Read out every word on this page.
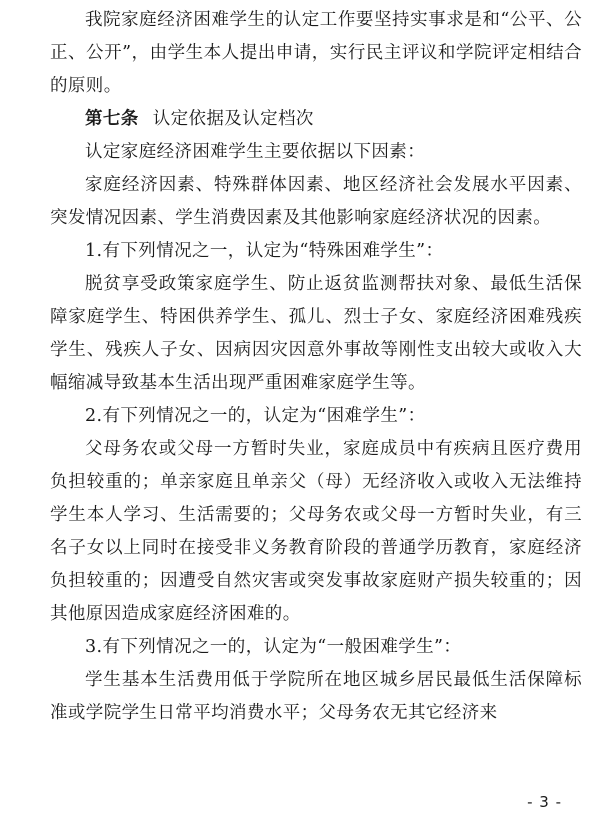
我院家庭经济困难学生的认定工作要坚持实事求是和“公平、公正、公开”，由学生本人提出申请，实行民主评议和学院评定相结合的原则。

第七条 认定依据及认定档次

认定家庭经济困难学生主要依据以下因素：

家庭经济因素、特殊群体因素、地区经济社会发展水平因素、突发情况因素、学生消费因素及其他影响家庭经济状况的因素。

1.有下列情况之一，认定为“特殊困难学生”：

脱贫享受政策家庭学生、防止返贫监测帮扶对象、最低生活保障家庭学生、特困供养学生、孤儿、烈士子女、家庭经济困难残疾学生、残疾人子女、因病因灾因意外事故等刚性支出较大或收入大幅缩减导致基本生活出现严重困难家庭学生等。

2.有下列情况之一的，认定为“困难学生”：

父母务农或父母一方暂时失业，家庭成员中有疾病且医疗费用负担较重的；单亲家庭且单亲父（母）无经济收入或收入无法维持学生本人学习、生活需要的；父母务农或父母一方暂时失业，有三名子女以上同时在接受非义务教育阶段的普通学历教育，家庭经济负担较重的；因遭受自然灾害或突发事故家庭财产损失较重的；因其他原因造成家庭经济困难的。

3.有下列情况之一的，认定为“一般困难学生”：

学生基本生活费用低于学院所在地区城乡居民最低生活保障标准或学院学生日常平均消费水平；父母务农无其它经济来

- 3 -
